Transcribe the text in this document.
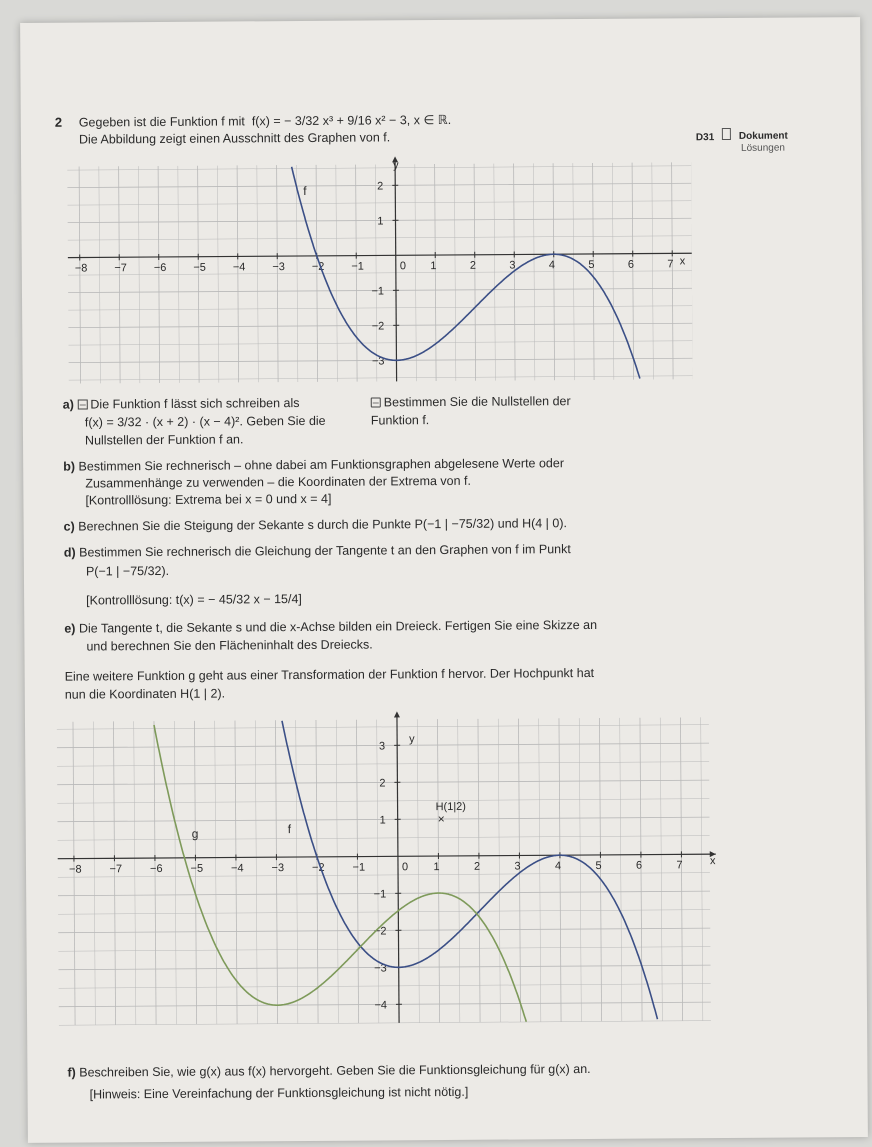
2 Gegeben ist die Funktion f mit f(x) = − 3/32 x³ + 9/16 x² − 3, x ∈ ℝ.
Die Abbildung zeigt einen Ausschnitt des Graphen von f.	D31 Dokument
Lösungen
−8 −7 −6 −5 −4 −3 −2 −1	0 1	2	3	4	5	6	7
2
1
−1
−2
−3
f
x
y
a) Die Funktion f lässt sich schreiben als
f(x) = 3/32 · (x + 2) · (x − 4)². Geben Sie die
Nullstellen der Funktion f an.
Bestimmen Sie die Nullstellen der
Funktion f.
b) Bestimmen Sie rechnerisch – ohne dabei am Funktionsgraphen abgelesene Werte oder
Zusammenhänge zu verwenden – die Koordinaten der Extrema von f.
[Kontrolllösung: Extrema bei x = 0 und x = 4]
c) Berechnen Sie die Steigung der Sekante s durch die Punkte P(−1 | −75/32) und H(4 | 0).
d) Bestimmen Sie rechnerisch die Gleichung der Tangente t an den Graphen von f im Punkt
P(−1 | −75/32).
[Kontrolllösung: t(x) = − 45/32 x − 15/4]
e) Die Tangente t, die Sekante s und die x-Achse bilden ein Dreieck. Fertigen Sie eine Skizze an
und berechnen Sie den Flächeninhalt des Dreiecks.
Eine weitere Funktion g geht aus einer Transformation der Funktion f hervor. Der Hochpunkt hat
nun die Koordinaten H(1 | 2).
−8	−7	−6	−5	−4	−3	−2	−1	0 1	2	3	4	5	6	7
3
2
1
−1
−2
−3
−4
f
g
H(1|2)
×
x
y
f) Beschreiben Sie, wie g(x) aus f(x) hervorgeht. Geben Sie die Funktionsgleichung für g(x) an.
[Hinweis: Eine Vereinfachung der Funktionsgleichung ist nicht nötig.]
